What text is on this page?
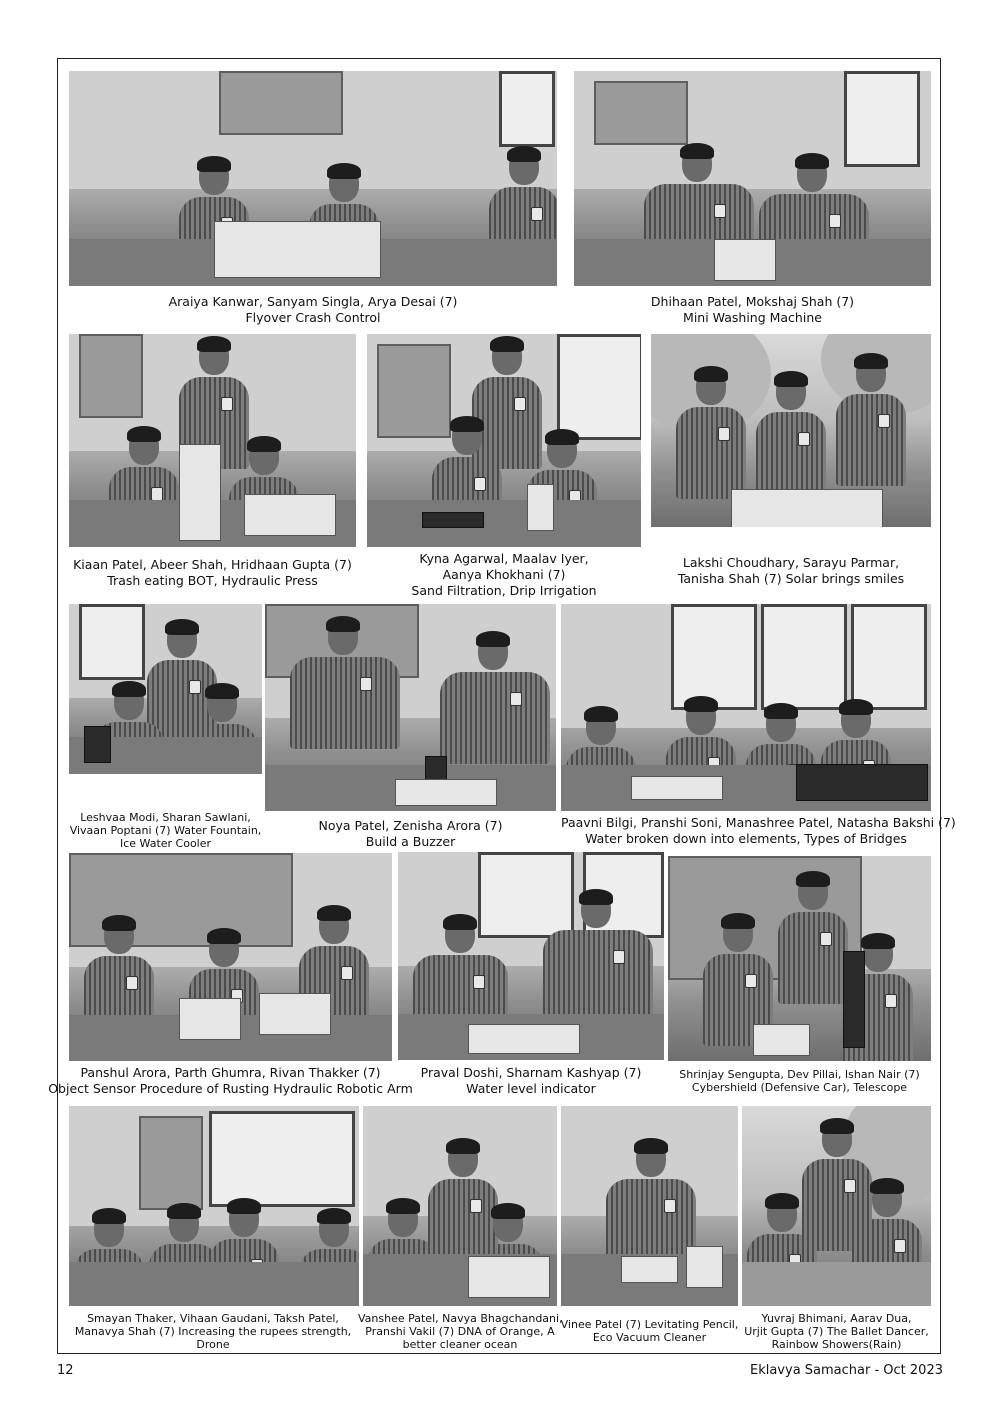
Araiya Kanwar, Sanyam Singla, Arya Desai (7)
Flyover Crash Control
Dhihaan Patel, Mokshaj Shah (7)
Mini Washing Machine
Kiaan Patel, Abeer Shah, Hridhaan Gupta (7)
Trash eating BOT, Hydraulic Press
Kyna Agarwal, Maalav Iyer,
Aanya Khokhani (7)
Sand Filtration, Drip Irrigation
Lakshi Choudhary, Sarayu Parmar,
Tanisha Shah (7) Solar brings smiles
Leshvaa Modi, Sharan Sawlani,
Vivaan Poptani (7) Water Fountain,
Ice Water Cooler
Noya Patel, Zenisha Arora (7)
Build a Buzzer
Paavni Bilgi, Pranshi Soni, Manashree Patel, Natasha Bakshi (7)
Water broken down into elements, Types of Bridges
Panshul Arora, Parth Ghumra, Rivan Thakker (7)
Object Sensor Procedure of Rusting Hydraulic Robotic Arm
Praval Doshi, Sharnam Kashyap (7)
Water level indicator
Shrinjay Sengupta, Dev Pillai, Ishan Nair (7)
Cybershield (Defensive Car), Telescope
Smayan Thaker, Vihaan Gaudani, Taksh Patel,
Manavya Shah (7) Increasing the rupees strength,
Drone
Vanshee Patel, Navya Bhagchandani,
Pranshi Vakil (7) DNA of Orange, A
better cleaner ocean
Vinee Patel (7) Levitating Pencil,
Eco Vacuum Cleaner
Yuvraj Bhimani, Aarav Dua,
Urjit Gupta (7) The Ballet Dancer,
Rainbow Showers(Rain)
12	Eklavya Samachar - Oct 2023
